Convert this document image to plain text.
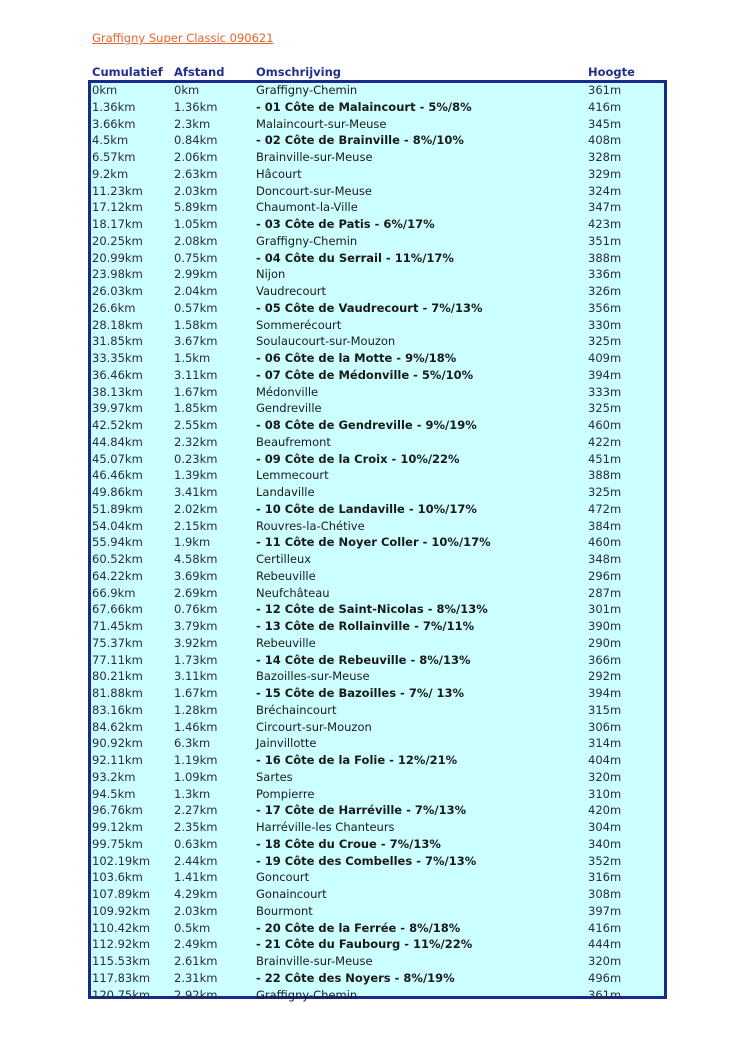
Graffigny Super Classic 090621
Cumulatief Afstand	Omschrijving	Hoogte
0km	0km	Graffigny-Chemin	361m
1.36km	1.36km	- 01 Côte de Malaincourt - 5%/8%	416m
3.66km	2.3km	Malaincourt-sur-Meuse	345m
4.5km	0.84km	- 02 Côte de Brainville - 8%/10%	408m
6.57km	2.06km	Brainville-sur-Meuse	328m
9.2km	2.63km	Hâcourt	329m
11.23km	2.03km	Doncourt-sur-Meuse	324m
17.12km	5.89km	Chaumont-la-Ville	347m
18.17km	1.05km	- 03 Côte de Patis - 6%/17%	423m
20.25km	2.08km	Graffigny-Chemin	351m
20.99km	0.75km	- 04 Côte du Serrail - 11%/17%	388m
23.98km	2.99km	Nijon	336m
26.03km	2.04km	Vaudrecourt	326m
26.6km	0.57km	- 05 Côte de Vaudrecourt - 7%/13%	356m
28.18km	1.58km	Sommerécourt	330m
31.85km	3.67km	Soulaucourt-sur-Mouzon	325m
33.35km	1.5km	- 06 Côte de la Motte - 9%/18%	409m
36.46km	3.11km	- 07 Côte de Médonville - 5%/10%	394m
38.13km	1.67km	Médonville	333m
39.97km	1.85km	Gendreville	325m
42.52km	2.55km	- 08 Côte de Gendreville - 9%/19%	460m
44.84km	2.32km	Beaufremont	422m
45.07km	0.23km	- 09 Côte de la Croix - 10%/22%	451m
46.46km	1.39km	Lemmecourt	388m
49.86km	3.41km	Landaville	325m
51.89km	2.02km	- 10 Côte de Landaville - 10%/17%	472m
54.04km	2.15km	Rouvres-la-Chétive	384m
55.94km	1.9km	- 11 Côte de Noyer Coller - 10%/17%	460m
60.52km	4.58km	Certilleux	348m
64.22km	3.69km	Rebeuville	296m
66.9km	2.69km	Neufchâteau	287m
67.66km	0.76km	- 12 Côte de Saint-Nicolas - 8%/13%	301m
71.45km	3.79km	- 13 Côte de Rollainville - 7%/11%	390m
75.37km	3.92km	Rebeuville	290m
77.11km	1.73km	- 14 Côte de Rebeuville - 8%/13%	366m
80.21km	3.11km	Bazoilles-sur-Meuse	292m
81.88km	1.67km	- 15 Côte de Bazoilles - 7%/ 13%	394m
83.16km	1.28km	Bréchaincourt	315m
84.62km	1.46km	Circourt-sur-Mouzon	306m
90.92km	6.3km	Jainvillotte	314m
92.11km	1.19km	- 16 Côte de la Folie - 12%/21%	404m
93.2km	1.09km	Sartes	320m
94.5km	1.3km	Pompierre	310m
96.76km	2.27km	- 17 Côte de Harréville - 7%/13%	420m
99.12km	2.35km	Harréville-les Chanteurs	304m
99.75km	0.63km	- 18 Côte du Croue - 7%/13%	340m
102.19km 2.44km	- 19 Côte des Combelles - 7%/13%	352m
103.6km	1.41km	Goncourt	316m
107.89km 4.29km	Gonaincourt	308m
109.92km 2.03km	Bourmont	397m
110.42km 0.5km	- 20 Côte de la Ferrée - 8%/18%	416m
112.92km 2.49km	- 21 Côte du Faubourg - 11%/22%	444m
115.53km 2.61km	Brainville-sur-Meuse	320m
117.83km 2.31km	- 22 Côte des Noyers - 8%/19%	496m
120.75km 2.92km	Graffigny-Chemin	361m
